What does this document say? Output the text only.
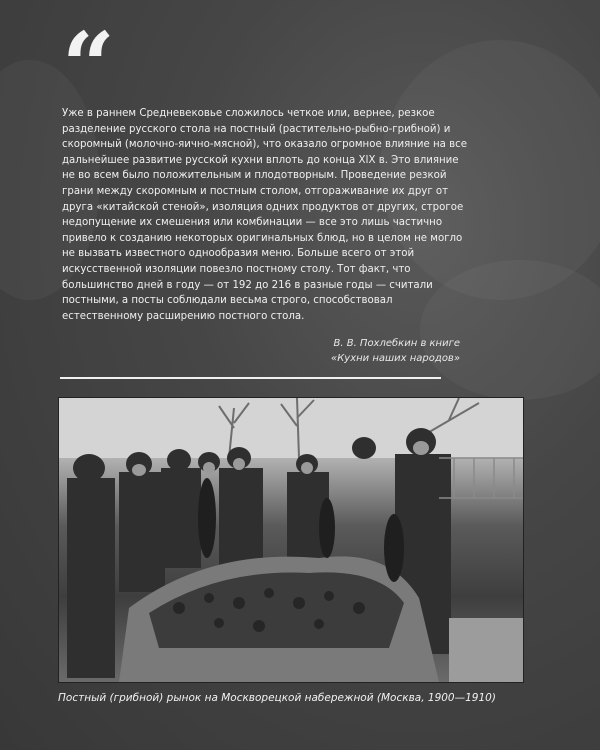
“

Уже в раннем Средневековье сложилось четкое или, вернее, резкое разделение русского стола на постный (растительно-рыбно-грибной) и скоромный (молочно-яично-мясной), что оказало огромное влияние на все дальнейшее развитие русской кухни вплоть до конца XIX в. Это влияние не во всем было положительным и плодотворным. Проведение резкой грани между скоромным и постным столом, отгораживание их друг от друга «китайской стеной», изоляция одних продуктов от других, строгое недопущение их смешения или комбинации — все это лишь частично привело к созданию некоторых оригинальных блюд, но в целом не могло не вызвать известного однообразия меню. Больше всего от этой искусственной изоляции повезло постному столу. Тот факт, что большинство дней в году — от 192 до 216 в разные годы — считали постными, а посты соблюдали весьма строго, способствовал естественному расширению постного стола.

В. В. Похлебкин в книге
«Кухни наших народов»

Постный (грибной) рынок на Москворецкой набережной (Москва, 1900—1910)
